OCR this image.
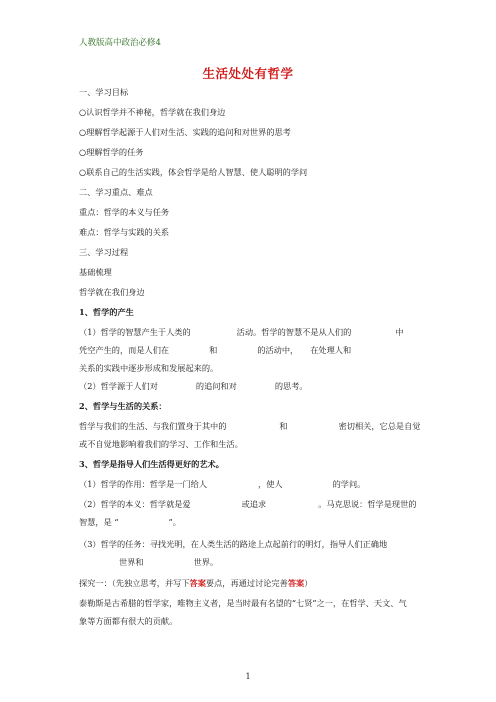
人教版高中政治必修4
生活处处有哲学
一、学习目标
○认识哲学并不神秘，哲学就在我们身边
○理解哲学起源于人们对生活、实践的追问和对世界的思考
○理解哲学的任务
○联系自己的生活实践，体会哲学是给人智慧、使人聪明的学问
二、学习重点、难点
重点：哲学的本义与任务
难点：哲学与实践的关系
三、学习过程
基础梳理
哲学就在我们身边
1、哲学的产生
（1）哲学的智慧产生于人类的	活动。哲学的智慧不是从人们的	中
凭空产生的，而是人们在	和	的活动中， 在处理人和
关系的实践中逐步形成和发展起来的。
（2）哲学源于人们对	的追问和对	的思考。
2、哲学与生活的关系：
哲学与我们的生活、与我们置身于其中的	和	密切相关，它总是自觉
或不自觉地影响着我们的学习、工作和生活。
3、哲学是指导人们生活得更好的艺术。
（1）哲学的作用：哲学是一门给人	，使人	的学问。
（2）哲学的本义：哲学就是爱	或追求	。马克思说：哲学是现世的
智慧，是 “	”。
（3）哲学的任务：寻找光明，在人类生活的路途上点起前行的明灯，指导人们正确地
世界和	世界。
探究一：（先独立思考，并写下答案要点，再通过讨论完善答案）
泰勒斯是古希腊的哲学家，唯物主义者，是当时最有名望的“七贤”之一，在哲学、天文、气
象等方面都有很大的贡献。
1
